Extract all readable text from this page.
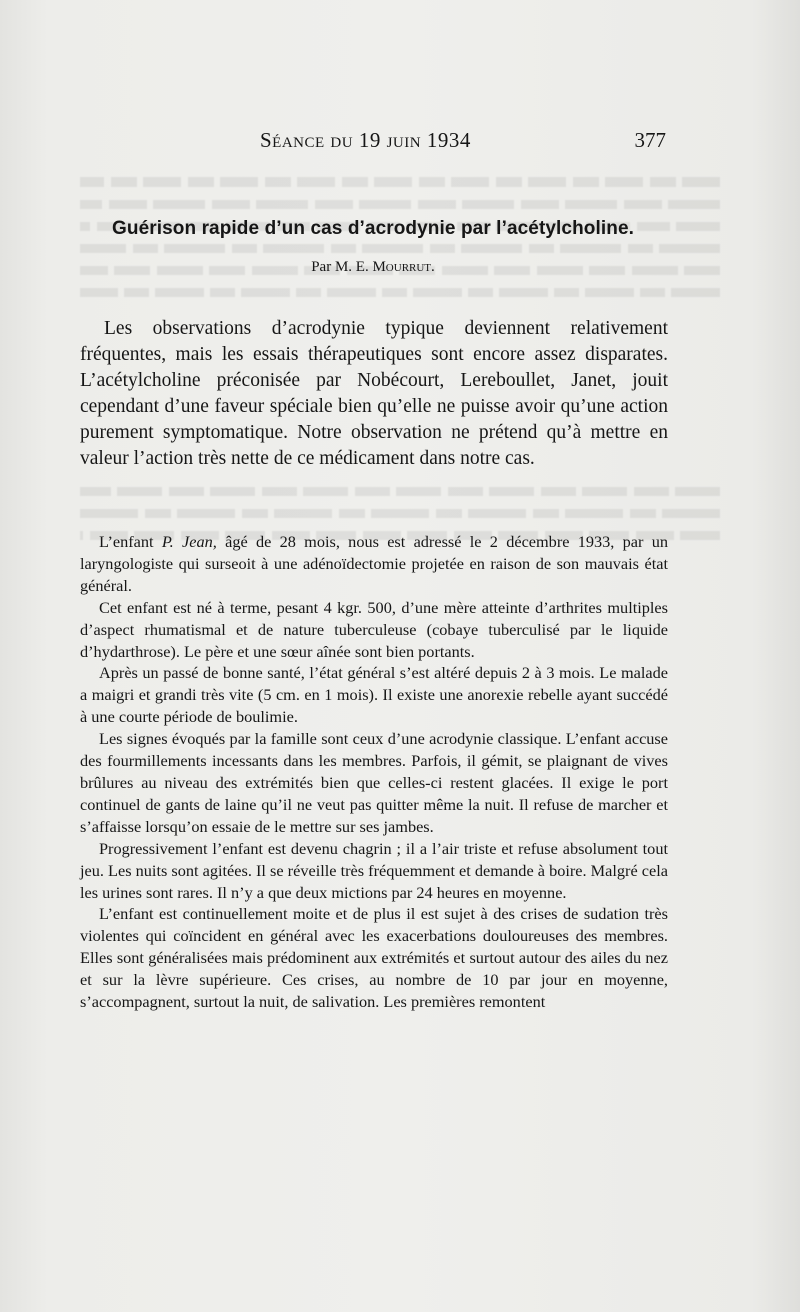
Séance du 19 juin 1934	377
Guérison rapide d’un cas d’acrodynie par l’acétylcholine.
Par M. E. Mourrut.

Les observations d’acrodynie typique deviennent relativement fréquentes, mais les essais thérapeutiques sont encore assez disparates. L’acétylcholine préconisée par Nobécourt, Lereboullet, Janet, jouit cependant d’une faveur spéciale bien qu’elle ne puisse avoir qu’une action purement symptomatique. Notre observation ne prétend qu’à mettre en valeur l’action très nette de ce médicament dans notre cas.

L’enfant P. Jean, âgé de 28 mois, nous est adressé le 2 décembre 1933, par un laryngologiste qui surseoit à une adénoïdectomie projetée en raison de son mauvais état général.

Cet enfant est né à terme, pesant 4 kgr. 500, d’une mère atteinte d’arthrites multiples d’aspect rhumatismal et de nature tuberculeuse (cobaye tuberculisé par le liquide d’hydarthrose). Le père et une sœur aînée sont bien portants.

Après un passé de bonne santé, l’état général s’est altéré depuis 2 à 3 mois. Le malade a maigri et grandi très vite (5 cm. en 1 mois). Il existe une anorexie rebelle ayant succédé à une courte période de boulimie.

Les signes évoqués par la famille sont ceux d’une acrodynie classique. L’enfant accuse des fourmillements incessants dans les membres. Parfois, il gémit, se plaignant de vives brûlures au niveau des extrémités bien que celles-ci restent glacées. Il exige le port continuel de gants de laine qu’il ne veut pas quitter même la nuit. Il refuse de marcher et s’affaisse lorsqu’on essaie de le mettre sur ses jambes.

Progressivement l’enfant est devenu chagrin ; il a l’air triste et refuse absolument tout jeu. Les nuits sont agitées. Il se réveille très fréquemment et demande à boire. Malgré cela les urines sont rares. Il n’y a que deux mictions par 24 heures en moyenne.

L’enfant est continuellement moite et de plus il est sujet à des crises de sudation très violentes qui coïncident en général avec les exacerbations douloureuses des membres. Elles sont généralisées mais prédominent aux extrémités et surtout autour des ailes du nez et sur la lèvre supérieure. Ces crises, au nombre de 10 par jour en moyenne, s’accompagnent, surtout la nuit, de salivation. Les premières remontent
